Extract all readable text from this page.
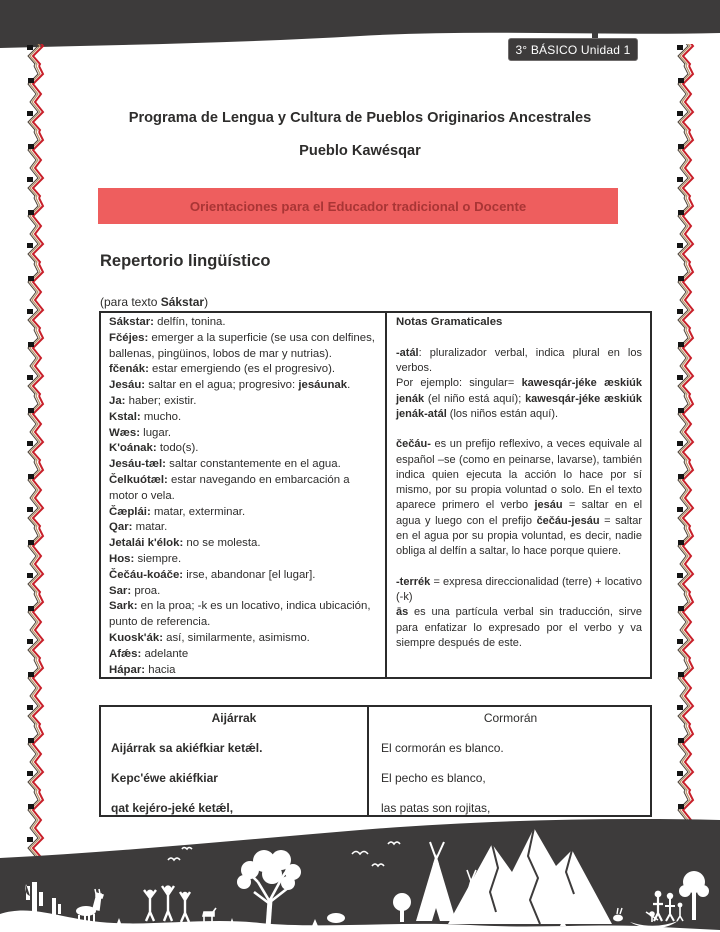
3° BÁSICO Unidad 1
Programa de Lengua y Cultura de Pueblos Originarios Ancestrales
Pueblo Kawésqar
Orientaciones para el Educador tradicional o Docente
Repertorio lingüístico
(para texto Sákstar)
Sákstar: delfín, tonina.
Fčéjes: emerger a la superficie (se usa con delfines, ballenas, pingüinos, lobos de mar y nutrias).
fčenák: estar emergiendo (es el progresivo).
Jesáu: saltar en el agua; progresivo: jesáunak.
Ja: haber; existir.
Kstal: mucho.
Wæs: lugar.
K'oának: todo(s).
Jesáu-tæl: saltar constantemente en el agua.
Čelkuótæl: estar navegando en embarcación a motor o vela.
Čæplái: matar, exterminar.
Qar: matar.
Jetalái k'élok: no se molesta.
Hos: siempre.
Čečáu-koáče: irse, abandonar [el lugar].
Sar: proa.
Sark: en la proa; -k es un locativo, indica ubicación, punto de referencia.
Kuosk'ák: así, similarmente, asimismo.
Afǽs: adelante
Hápar: hacia
Notas Gramaticales
-atál: pluralizador verbal, indica plural en los verbos.
Por ejemplo: singular= kawesqár-jéke æskiúk jenák (el niño está aquí); kawesqár-jéke æskiúk jenák-atál (los niños están aquí).
čečáu- es un prefijo reflexivo, a veces equivale al español –se (como en peinarse, lavarse), también indica quien ejecuta la acción lo hace por sí mismo, por su propia voluntad o solo. En el texto aparece primero el verbo jesáu = saltar en el agua y luego con el prefijo čečáu-jesáu = saltar en el agua por su propia voluntad, es decir, nadie obliga al delfín a saltar, lo hace porque quiere.
-terrék = expresa direccionalidad (terre) + locativo (-k)
ās es una partícula verbal sin traducción, sirve para enfatizar lo expresado por el verbo y va siempre después de este.
Aijárrak
Aijárrak sa akiéfkiar ketǽl.
Kepc'éwe akiéfkiar
qat kejéro-jeké ketǽl,
Cormorán
El cormorán es blanco.
El pecho es blanco,
las patas son rojitas,
